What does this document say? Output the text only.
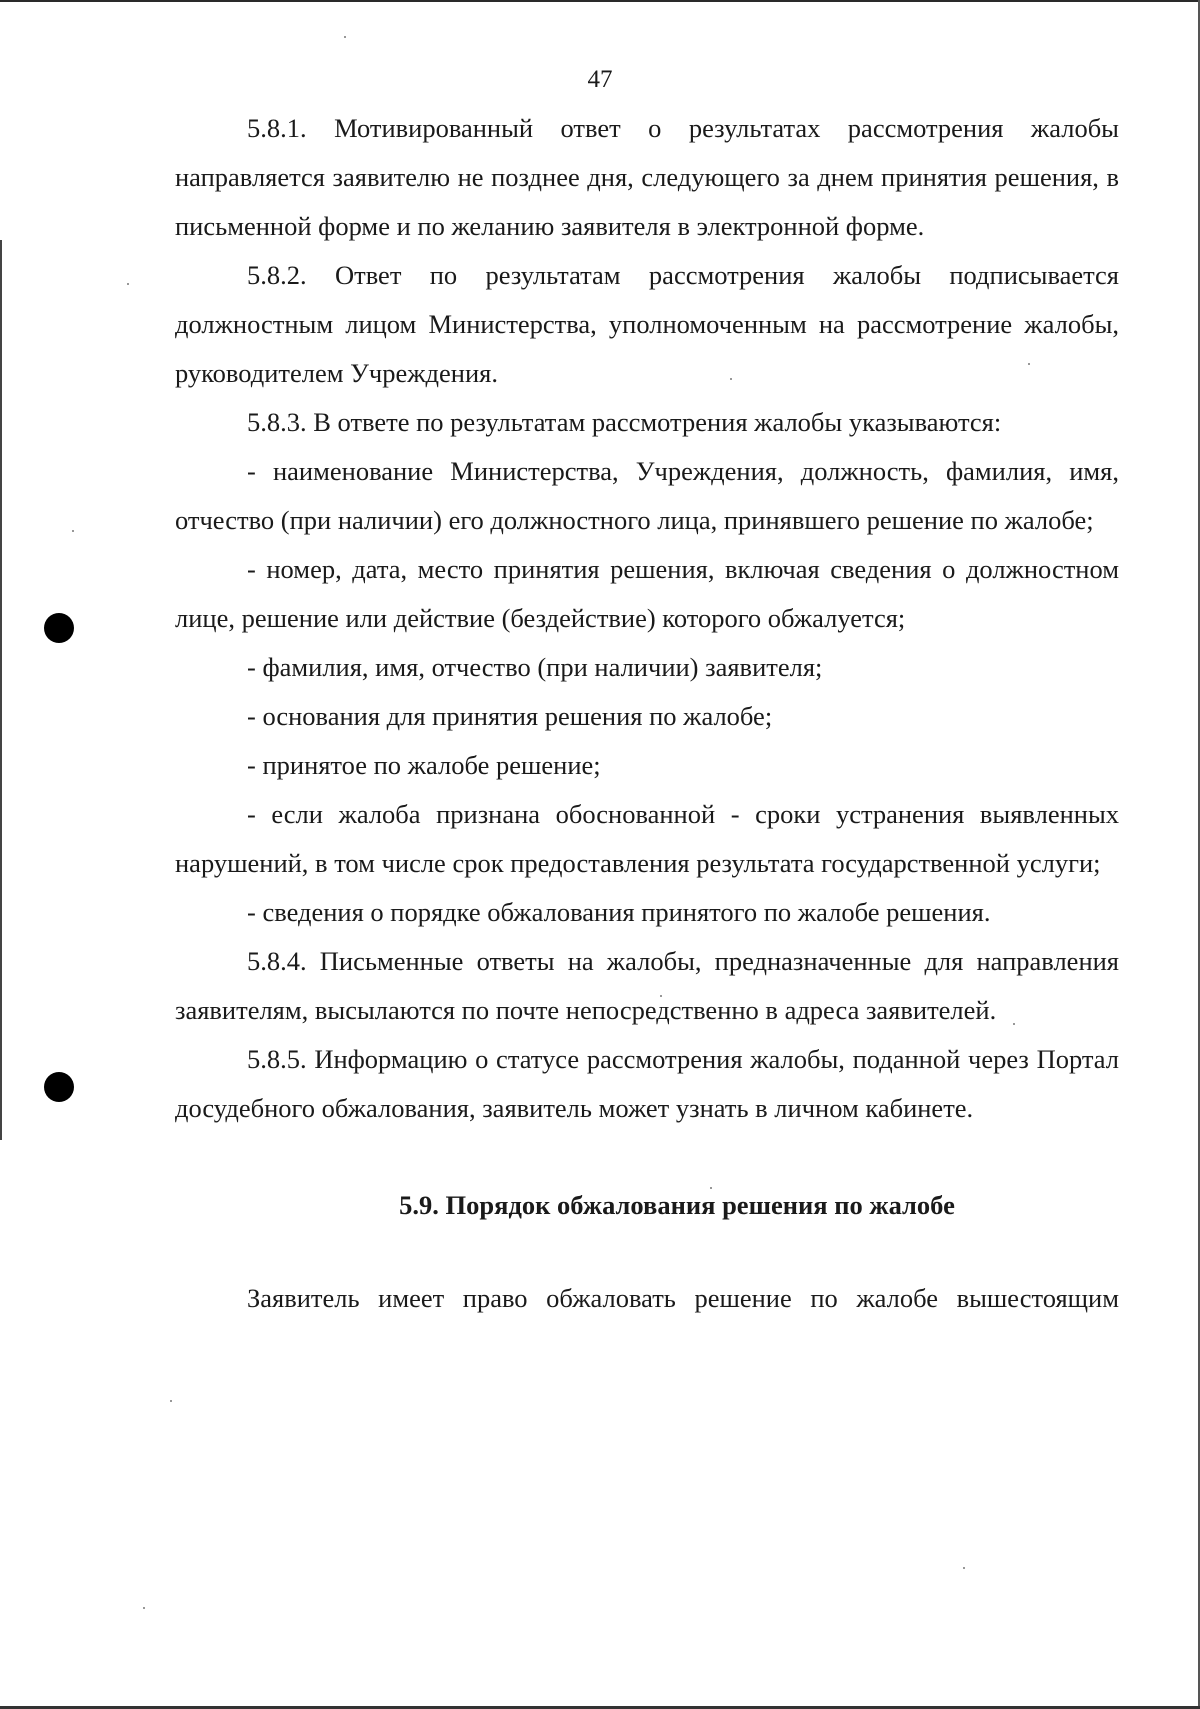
47

5.8.1. Мотивированный ответ о результатах рассмотрения жалобы направляется заявителю не позднее дня, следующего за днем принятия решения, в письменной форме и по желанию заявителя в электронной форме.

5.8.2. Ответ по результатам рассмотрения жалобы подписывается должностным лицом Министерства, уполномоченным на рассмотрение жалобы, руководителем Учреждения.

5.8.3. В ответе по результатам рассмотрения жалобы указываются:

- наименование Министерства, Учреждения, должность, фамилия, имя, отчество (при наличии) его должностного лица, принявшего решение по жалобе;

- номер, дата, место принятия решения, включая сведения о должностном лице, решение или действие (бездействие) которого обжалуется;

- фамилия, имя, отчество (при наличии) заявителя;

- основания для принятия решения по жалобе;

- принятое по жалобе решение;

- если жалоба признана обоснованной - сроки устранения выявленных нарушений, в том числе срок предоставления результата государственной услуги;

- сведения о порядке обжалования принятого по жалобе решения.

5.8.4. Письменные ответы на жалобы, предназначенные для направления заявителям, высылаются по почте непосредственно в адреса заявителей.

5.8.5. Информацию о статусе рассмотрения жалобы, поданной через Портал досудебного обжалования, заявитель может узнать в личном кабинете.

5.9. Порядок обжалования решения по жалобе

Заявитель имеет право обжаловать решение по жалобе вышестоящим
